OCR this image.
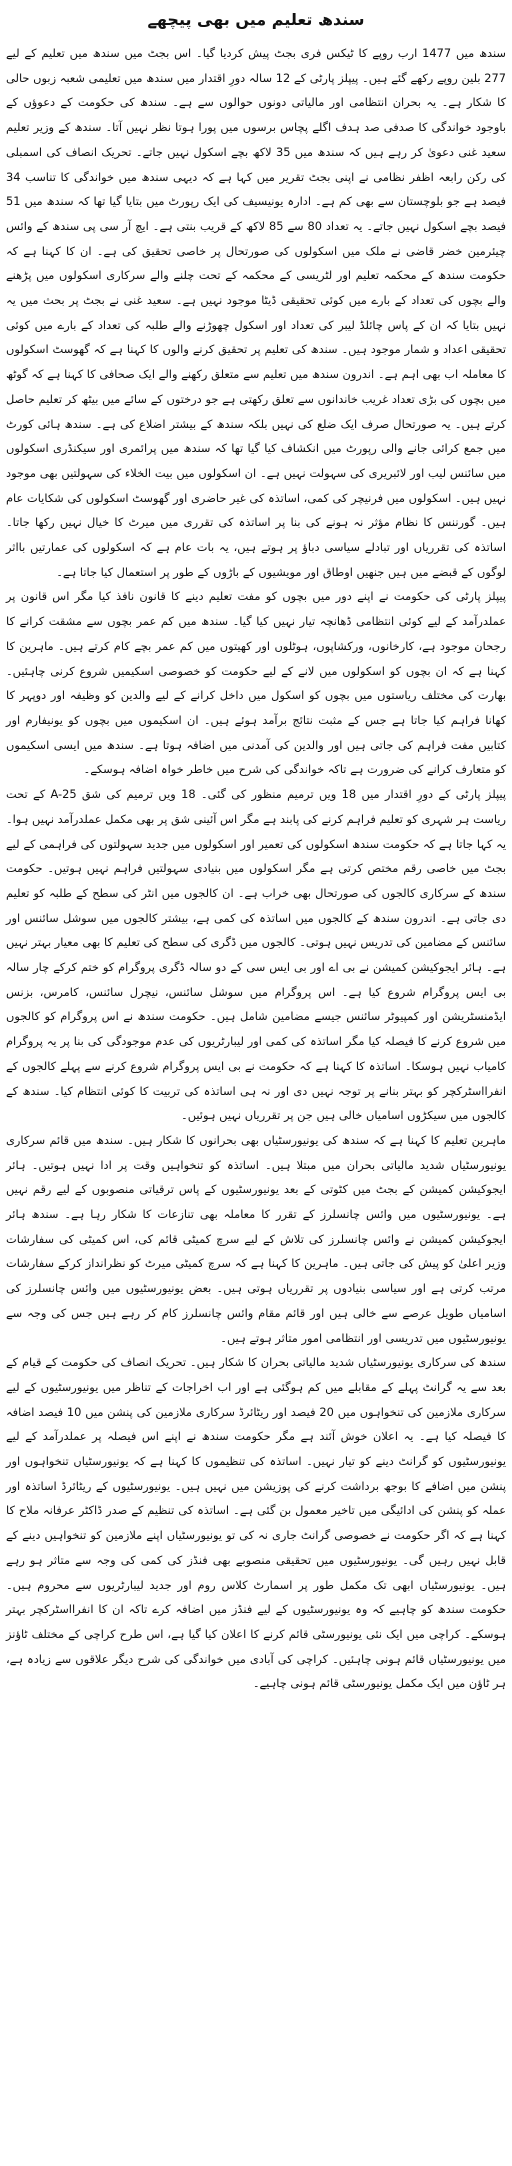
سندھ تعلیم میں بھی پیچھے

سندھ میں 1477 ارب روپے کا ٹیکس فری بجٹ پیش کردیا گیا۔ اس بجٹ میں سندھ میں تعلیم کے لیے 277 بلین روپے رکھے گئے ہیں۔ پیپلز پارٹی کے 12 سالہ دورِ اقتدار میں سندھ میں تعلیمی شعبہ زبوں حالی کا شکار ہے۔ یہ بحران انتظامی اور مالیاتی دونوں حوالوں سے ہے۔ سندھ کی حکومت کے دعوؤں کے باوجود خواندگی کا صدفی صد ہدف اگلے پچاس برسوں میں پورا ہوتا نظر نہیں آتا۔ سندھ کے وزیر تعلیم سعید غنی دعویٰ کر رہے ہیں کہ سندھ میں 35 لاکھ بچے اسکول نہیں جاتے۔ تحریک انصاف کی اسمبلی کی رکن رابعہ اظفر نظامی نے اپنی بجٹ تقریر میں کہا ہے کہ دیہی سندھ میں خواندگی کا تناسب 34 فیصد ہے جو بلوچستان سے بھی کم ہے۔ ادارہ یونیسیف کی ایک رپورٹ میں بتایا گیا تھا کہ سندھ میں 51 فیصد بچے اسکول نہیں جاتے۔ یہ تعداد 80 سے 85 لاکھ کے قریب بنتی ہے۔ ایچ آر سی پی سندھ کے وائس چیئرمین خضر قاضی نے ملک میں اسکولوں کی صورتحال پر خاصی تحقیق کی ہے۔ ان کا کہنا ہے کہ حکومت سندھ کے محکمہ تعلیم اور لٹریسی کے محکمہ کے تحت چلنے والے سرکاری اسکولوں میں پڑھنے والے بچوں کی تعداد کے بارے میں کوئی تحقیقی ڈیٹا موجود نہیں ہے۔ سعید غنی نے بجٹ پر بحث میں یہ نہیں بتایا کہ ان کے پاس چائلڈ لیبر کی تعداد اور اسکول چھوڑنے والے طلبہ کی تعداد کے بارے میں کوئی تحقیقی اعداد و شمار موجود ہیں۔ سندھ کی تعلیم پر تحقیق کرنے والوں کا کہنا ہے کہ گھوسٹ اسکولوں کا معاملہ اب بھی اہم ہے۔ اندرون سندھ میں تعلیم سے متعلق رکھنے والے ایک صحافی کا کہنا ہے کہ گوٹھ میں بچوں کی بڑی تعداد غریب خاندانوں سے تعلق رکھتی ہے جو درختوں کے سائے میں بیٹھ کر تعلیم حاصل کرتے ہیں۔ یہ صورتحال صرف ایک ضلع کی نہیں بلکہ سندھ کے بیشتر اضلاع کی ہے۔ سندھ ہائی کورٹ میں جمع کرائی جانے والی رپورٹ میں انکشاف کیا گیا تھا کہ سندھ میں پرائمری اور سیکنڈری اسکولوں میں سائنس لیب اور لائبریری کی سہولت نہیں ہے۔ ان اسکولوں میں بیت الخلاء کی سہولتیں بھی موجود نہیں ہیں۔ اسکولوں میں فرنیچر کی کمی، اساتذہ کی غیر حاضری اور گھوسٹ اسکولوں کی شکایات عام ہیں۔ گورننس کا نظام مؤثر نہ ہونے کی بنا پر اساتذہ کی تقرری میں میرٹ کا خیال نہیں رکھا جاتا۔ اساتذہ کی تقرریاں اور تبادلے سیاسی دباؤ پر ہوتے ہیں، یہ بات عام ہے کہ اسکولوں کی عمارتیں بااثر لوگوں کے قبضے میں ہیں جنھیں اوطاق اور مویشیوں کے باڑوں کے طور پر استعمال کیا جاتا ہے۔

پیپلز پارٹی کی حکومت نے اپنے دور میں بچوں کو مفت تعلیم دینے کا قانون نافذ کیا مگر اس قانون پر عملدرآمد کے لیے کوئی انتظامی ڈھانچہ تیار نہیں کیا گیا۔ سندھ میں کم عمر بچوں سے مشقت کرانے کا رجحان موجود ہے، کارخانوں، ورکشاپوں، ہوٹلوں اور کھیتوں میں کم عمر بچے کام کرتے ہیں۔ ماہرین کا کہنا ہے کہ ان بچوں کو اسکولوں میں لانے کے لیے حکومت کو خصوصی اسکیمیں شروع کرنی چاہئیں۔ بھارت کی مختلف ریاستوں میں بچوں کو اسکول میں داخل کرانے کے لیے والدین کو وظیفہ اور دوپہر کا کھانا فراہم کیا جاتا ہے جس کے مثبت نتائج برآمد ہوئے ہیں۔ ان اسکیموں میں بچوں کو یونیفارم اور کتابیں مفت فراہم کی جاتی ہیں اور والدین کی آمدنی میں اضافہ ہوتا ہے۔ سندھ میں ایسی اسکیموں کو متعارف کرانے کی ضرورت ہے تاکہ خواندگی کی شرح میں خاطر خواہ اضافہ ہوسکے۔

پیپلز پارٹی کے دورِ اقتدار میں 18 ویں ترمیم منظور کی گئی۔ 18 ویں ترمیم کی شق A-25 کے تحت ریاست ہر شہری کو تعلیم فراہم کرنے کی پابند ہے مگر اس آئینی شق پر بھی مکمل عملدرآمد نہیں ہوا۔ یہ کہا جاتا ہے کہ حکومت سندھ اسکولوں کی تعمیر اور اسکولوں میں جدید سہولتوں کی فراہمی کے لیے بجٹ میں خاصی رقم مختص کرتی ہے مگر اسکولوں میں بنیادی سہولتیں فراہم نہیں ہوتیں۔ حکومت سندھ کے سرکاری کالجوں کی صورتحال بھی خراب ہے۔ ان کالجوں میں انٹر کی سطح کے طلبہ کو تعلیم دی جاتی ہے۔ اندرون سندھ کے کالجوں میں اساتذہ کی کمی ہے، بیشتر کالجوں میں سوشل سائنس اور سائنس کے مضامین کی تدریس نہیں ہوتی۔ کالجوں میں ڈگری کی سطح کی تعلیم کا بھی معیار بہتر نہیں ہے۔ ہائر ایجوکیشن کمیشن نے بی اے اور بی ایس سی کے دو سالہ ڈگری پروگرام کو ختم کرکے چار سالہ بی ایس پروگرام شروع کیا ہے۔ اس پروگرام میں سوشل سائنس، نیچرل سائنس، کامرس، بزنس ایڈمنسٹریشن اور کمپیوٹر سائنس جیسے مضامین شامل ہیں۔ حکومت سندھ نے اس پروگرام کو کالجوں میں شروع کرنے کا فیصلہ کیا مگر اساتذہ کی کمی اور لیبارٹریوں کی عدم موجودگی کی بنا پر یہ پروگرام کامیاب نہیں ہوسکا۔ اساتذہ کا کہنا ہے کہ حکومت نے بی ایس پروگرام شروع کرنے سے پہلے کالجوں کے انفرااسٹرکچر کو بہتر بنانے پر توجہ نہیں دی اور نہ ہی اساتذہ کی تربیت کا کوئی انتظام کیا۔ سندھ کے کالجوں میں سیکڑوں اسامیاں خالی ہیں جن پر تقرریاں نہیں ہوئیں۔

ماہرین تعلیم کا کہنا ہے کہ سندھ کی یونیورسٹیاں بھی بحرانوں کا شکار ہیں۔ سندھ میں قائم سرکاری یونیورسٹیاں شدید مالیاتی بحران میں مبتلا ہیں۔ اساتذہ کو تنخواہیں وقت پر ادا نہیں ہوتیں۔ ہائر ایجوکیشن کمیشن کے بجٹ میں کٹوتی کے بعد یونیورسٹیوں کے پاس ترقیاتی منصوبوں کے لیے رقم نہیں ہے۔ یونیورسٹیوں میں وائس چانسلرز کے تقرر کا معاملہ بھی تنازعات کا شکار رہا ہے۔ سندھ ہائر ایجوکیشن کمیشن نے وائس چانسلرز کی تلاش کے لیے سرچ کمیٹی قائم کی، اس کمیٹی کی سفارشات وزیر اعلیٰ کو پیش کی جاتی ہیں۔ ماہرین کا کہنا ہے کہ سرچ کمیٹی میرٹ کو نظرانداز کرکے سفارشات مرتب کرتی ہے اور سیاسی بنیادوں پر تقرریاں ہوتی ہیں۔ بعض یونیورسٹیوں میں وائس چانسلرز کی اسامیاں طویل عرصے سے خالی ہیں اور قائم مقام وائس چانسلرز کام کر رہے ہیں جس کی وجہ سے یونیورسٹیوں میں تدریسی اور انتظامی امور متاثر ہوتے ہیں۔

سندھ کی سرکاری یونیورسٹیاں شدید مالیاتی بحران کا شکار ہیں۔ تحریک انصاف کی حکومت کے قیام کے بعد سے یہ گرانٹ پہلے کے مقابلے میں کم ہوگئی ہے اور اب اخراجات کے تناظر میں یونیورسٹیوں کے لیے سرکاری ملازمین کی تنخواہوں میں 20 فیصد اور ریٹائرڈ سرکاری ملازمین کی پنشن میں 10 فیصد اضافہ کا فیصلہ کیا ہے۔ یہ اعلان خوش آئند ہے مگر حکومت سندھ نے اپنے اس فیصلہ پر عملدرآمد کے لیے یونیورسٹیوں کو گرانٹ دینے کو تیار نہیں۔ اساتذہ کی تنظیموں کا کہنا ہے کہ یونیورسٹیاں تنخواہوں اور پنشن میں اضافے کا بوجھ برداشت کرنے کی پوزیشن میں نہیں ہیں۔ یونیورسٹیوں کے ریٹائرڈ اساتذہ اور عملہ کو پنشن کی ادائیگی میں تاخیر معمول بن گئی ہے۔ اساتذہ کی تنظیم کے صدر ڈاکٹر عرفانہ ملاح کا کہنا ہے کہ اگر حکومت نے خصوصی گرانٹ جاری نہ کی تو یونیورسٹیاں اپنے ملازمین کو تنخواہیں دینے کے قابل نہیں رہیں گی۔ یونیورسٹیوں میں تحقیقی منصوبے بھی فنڈز کی کمی کی وجہ سے متاثر ہو رہے ہیں۔ یونیورسٹیاں ابھی تک مکمل طور پر اسمارٹ کلاس روم اور جدید لیبارٹریوں سے محروم ہیں۔ حکومت سندھ کو چاہیے کہ وہ یونیورسٹیوں کے لیے فنڈز میں اضافہ کرے تاکہ ان کا انفرااسٹرکچر بہتر ہوسکے۔ کراچی میں ایک نئی یونیورسٹی قائم کرنے کا اعلان کیا گیا ہے، اس طرح کراچی کے مختلف ٹاؤنز میں یونیورسٹیاں قائم ہونی چاہئیں۔ کراچی کی آبادی میں خواندگی کی شرح دیگر علاقوں سے زیادہ ہے، ہر ٹاؤن میں ایک مکمل یونیورسٹی قائم ہونی چاہیے۔
